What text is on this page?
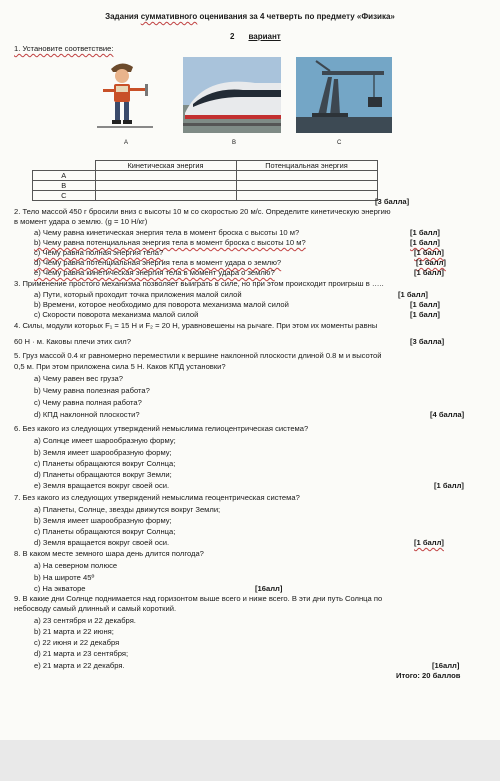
Задания суммативного оценивания за 4 четверть по предмету «Физика»
2 вариант
1. Установите соответствие:
A	B	C
	Кинетическая энергия	Потенциальная энергия
A		
B		
C		
[3 балла]
2. Тело массой 450 г бросили вниз с высоты 10 м со скоростью 20 м/с. Определите кинетическую энергию
в момент удара о землю. (g = 10 Н/кг)
a) Чему равна кинетическая энергия тела в момент броска с высоты 10 м?	[1 балл]
b) Чему равна потенциальная энергия тела в момент броска с высоты 10 м?	[1 балл]
c) Чему равна полная энергия тела?	[1 балл]
d) Чему равна потенциальная энергия тела в момент удара о землю?	[1 балл]
e) Чему равна кинетическая энергия тела в момент удара о землю?	[1 балл]
3. Применение простого механизма позволяет выиграть в силе, но при этом происходит проигрыш в …..
a) Пути, который проходит точка приложения малой силой	[1 балл]
b) Времени, которое необходимо для поворота механизма малой силой	[1 балл]
c) Скорости поворота механизма малой силой	[1 балл]
4. Силы, модули которых F₁ = 15 Н и F₂ = 20 Н, уравновешены на рычаге. При этом их моменты равны
60 Н · м. Каковы плечи этих сил?	[3 балла]
5. Груз массой 0.4 кг равномерно переместили к вершине наклонной плоскости длиной 0.8 м и высотой
0,5 м. При этом приложена сила 5 Н. Каков КПД установки?
a) Чему равен вес груза?
b) Чему равна полезная работа?
c) Чему равна полная работа?
d) КПД наклонной плоскости?	[4 балла]
6. Без какого из следующих утверждений немыслима гелиоцентрическая система?
a) Солнце имеет шарообразную форму;
b) Земля имеет шарообразную форму;
c) Планеты обращаются вокруг Солнца;
d) Планеты обращаются вокруг Земли;
e) Земля вращается вокруг своей оси.	[1 балл]
7. Без какого из следующих утверждений немыслима геоцентрическая система?
a) Планеты, Солнце, звезды движутся вокруг Земли;
b) Земля имеет шарообразную форму;
c) Планеты обращаются вокруг Солнца;
d) Земля вращается вокруг своей оси.	[1 балл]
8. В каком месте земного шара день длится полгода?
a) На северном полюсе
b) На широте 45º
c) На экваторе	[16алл]
9. В какие дни Солнце поднимается над горизонтом выше всего и ниже всего. В эти дни путь Солнца по
небосводу самый длинный и самый короткий.
a) 23 сентября и 22 декабря.
b) 21 марта и 22 июня;
c) 22 июня и 22 декабря
d) 21 марта и 23 сентября;
e) 21 марта и 22 декабря.	[16алл]
Итого: 20 баллов
